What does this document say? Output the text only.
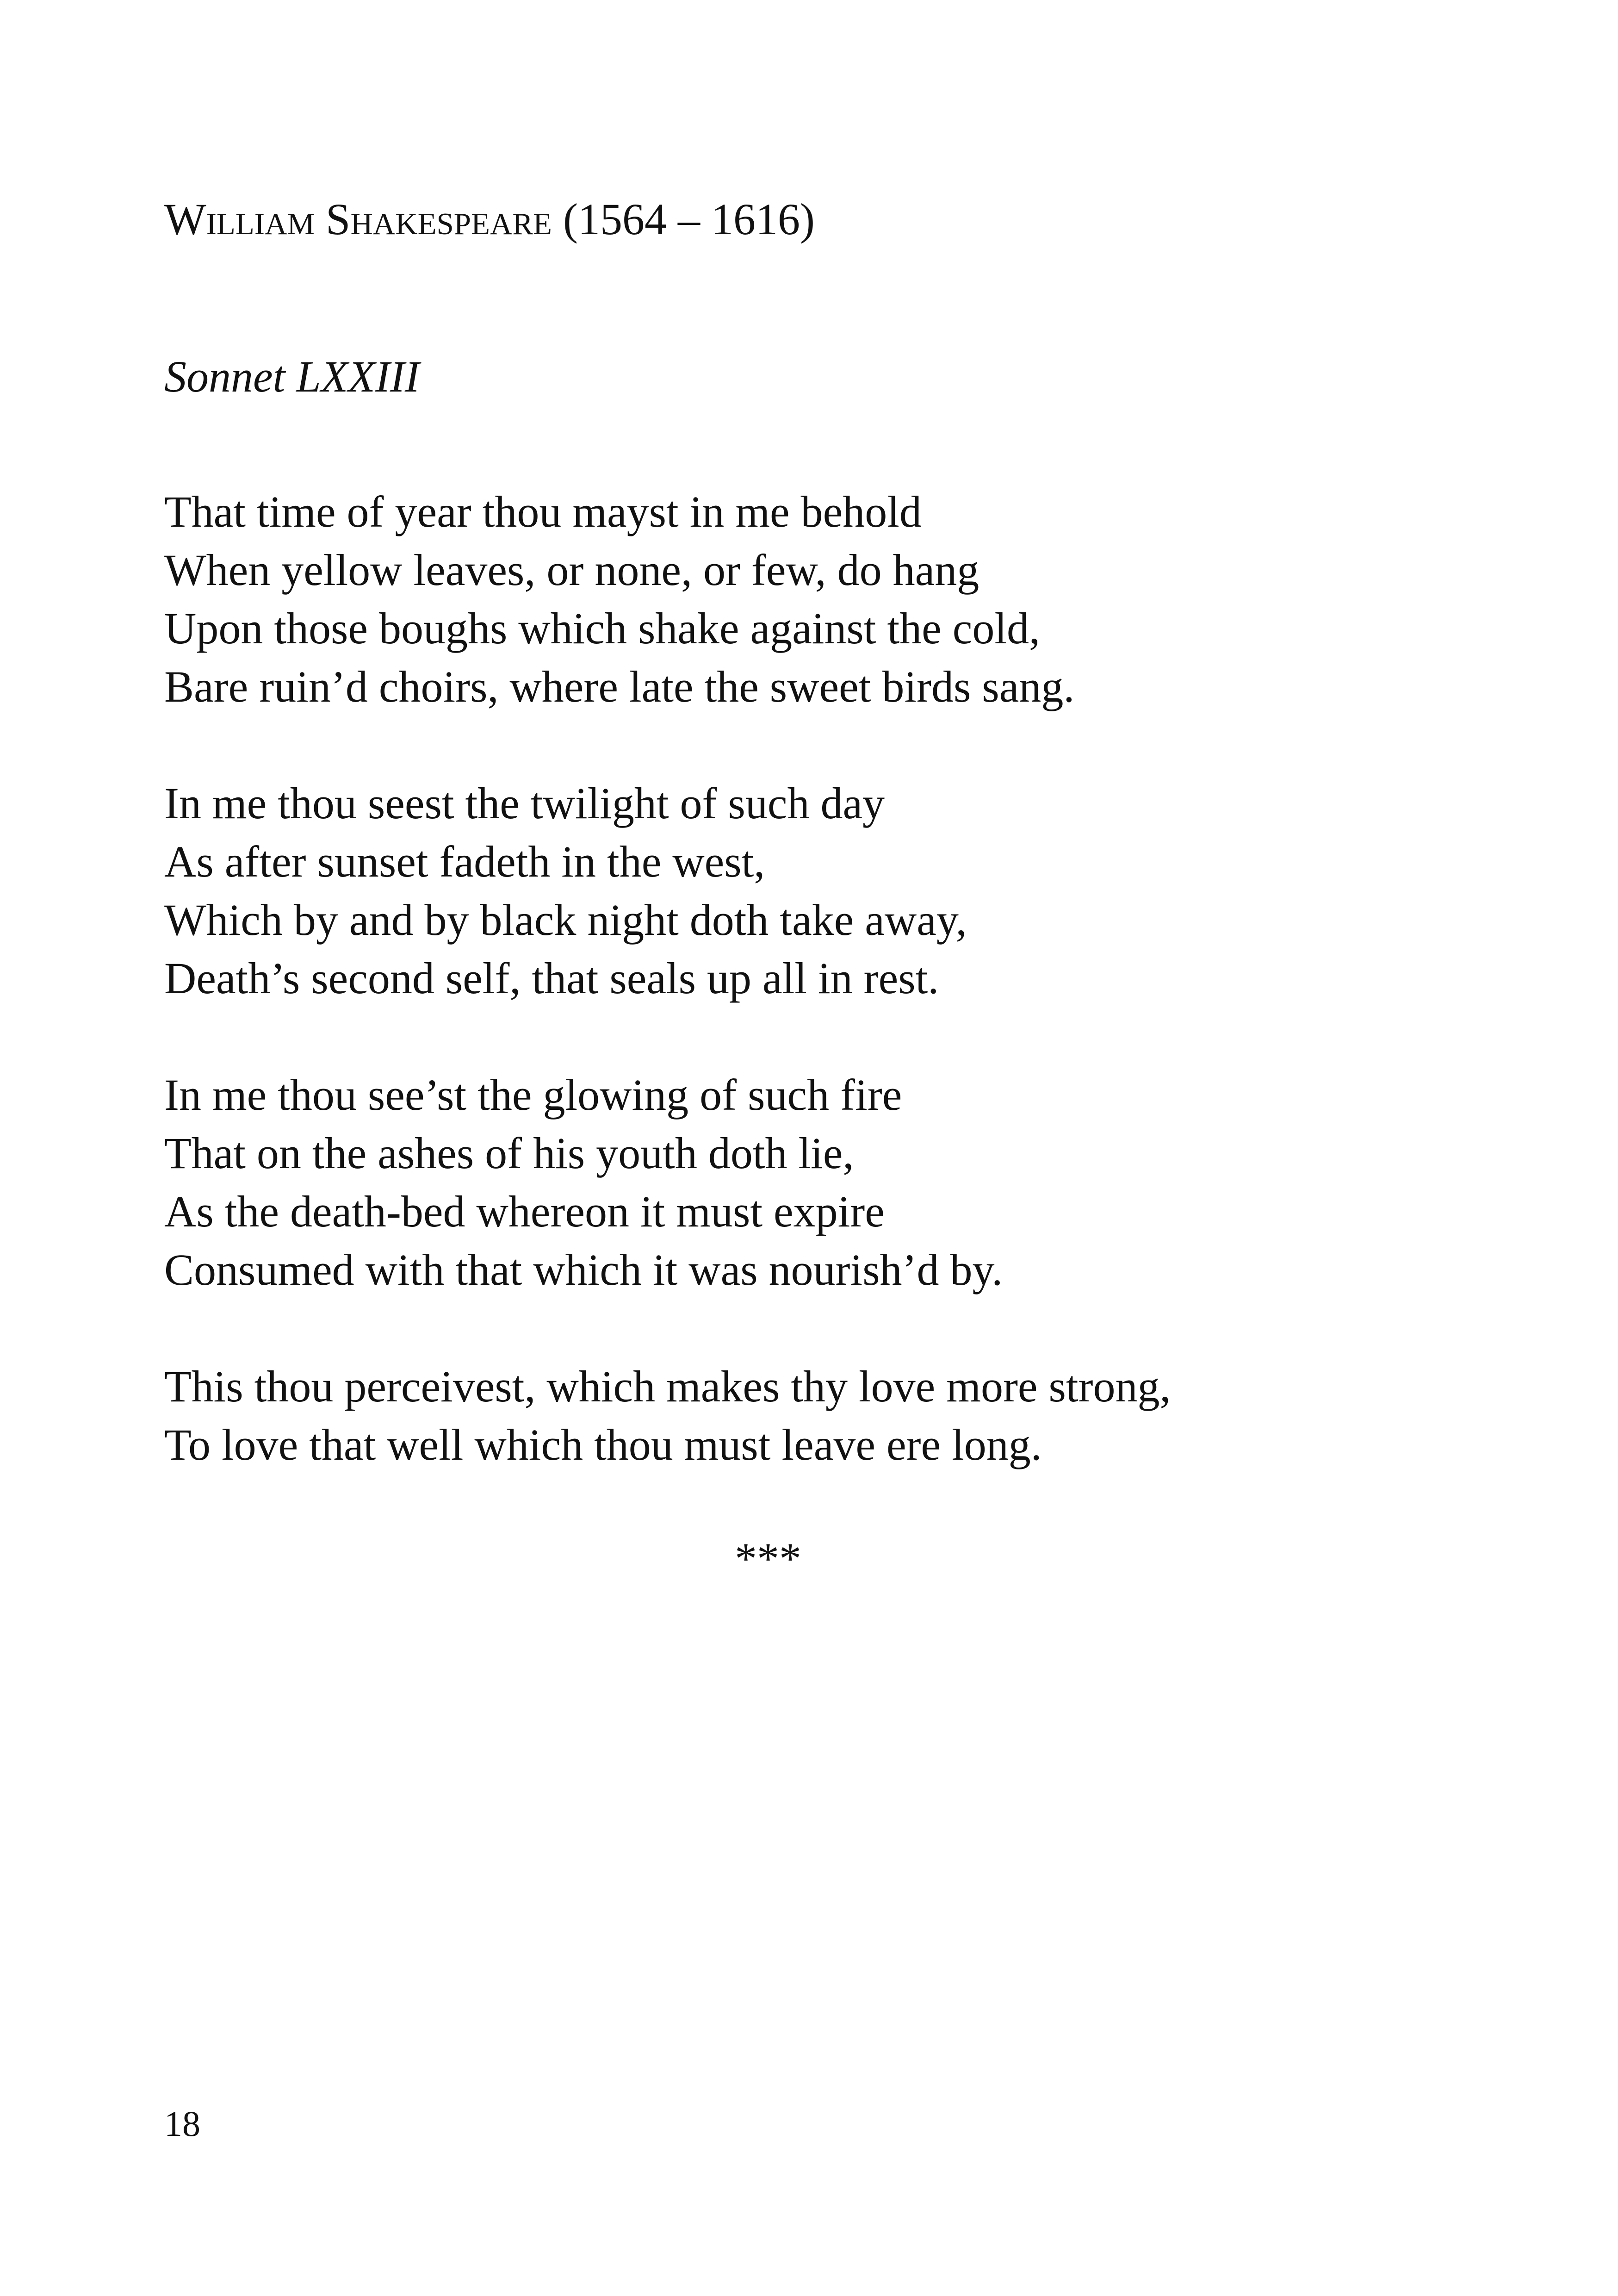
William Shakespeare (1564 – 1616)
Sonnet LXXIII
That time of year thou mayst in me behold
When yellow leaves, or none, or few, do hang
Upon those boughs which shake against the cold,
Bare ruin’d choirs, where late the sweet birds sang.
In me thou seest the twilight of such day
As after sunset fadeth in the west,
Which by and by black night doth take away,
Death’s second self, that seals up all in rest.
In me thou see’st the glowing of such fire
That on the ashes of his youth doth lie,
As the death-bed whereon it must expire
Consumed with that which it was nourish’d by.
This thou perceivest, which makes thy love more strong,
To love that well which thou must leave ere long.
***
18
